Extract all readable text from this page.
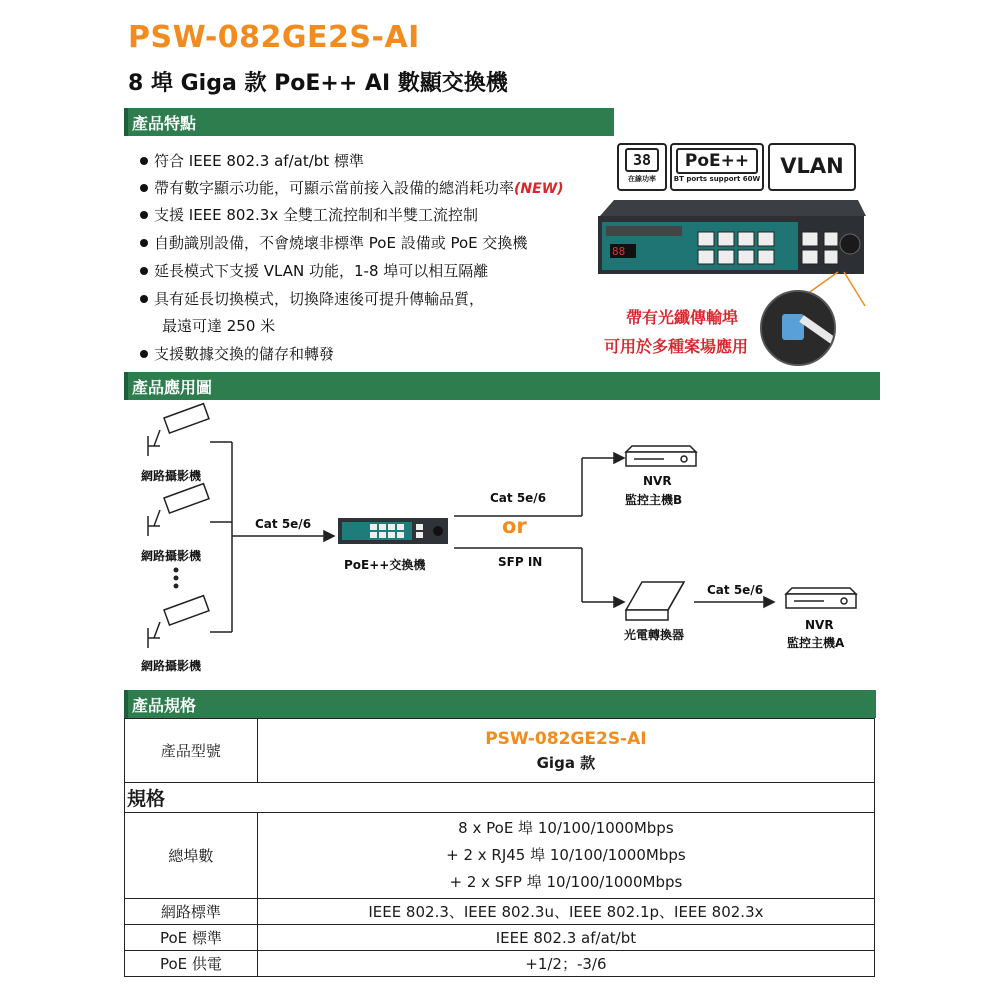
PSW-082GE2S-AI
8 埠 Giga 款 PoE++ AI 數顯交換機
產品特點
符合 IEEE 802.3 af/at/bt 標準
帶有數字顯示功能，可顯示當前接入設備的總消耗功率(NEW)
支援 IEEE 802.3x 全雙工流控制和半雙工流控制
自動識別設備，不會燒壞非標準 PoE 設備或 PoE 交換機
延長模式下支援 VLAN 功能，1-8 埠可以相互隔離
具有延長切換模式，切換降速後可提升傳輸品質，
最遠可達 250 米
支援數據交換的儲存和轉發
38
在線功率
PoE++
BT ports support 60W
VLAN
88
帶有光纖傳輸埠
可用於多種案場應用
產品應用圖
網路攝影機
網路攝影機
網路攝影機
Cat 5e/6
PoE++交換機
Cat 5e/6
or
SFP IN
NVR
監控主機B
光電轉換器
Cat 5e/6
NVR
監控主機A
產品規格
產品型號	PSW-082GE2S-AI
Giga 款

規格	
總埠數	8 x PoE 埠 10/100/1000Mbps
+ 2 x RJ45 埠 10/100/1000Mbps
+ 2 x SFP 埠 10/100/1000Mbps

網路標準	IEEE 802.3、IEEE 802.3u、IEEE 802.1p、IEEE 802.3x
PoE 標準	IEEE 802.3 af/at/bt
PoE 供電	+1/2；-3/6
